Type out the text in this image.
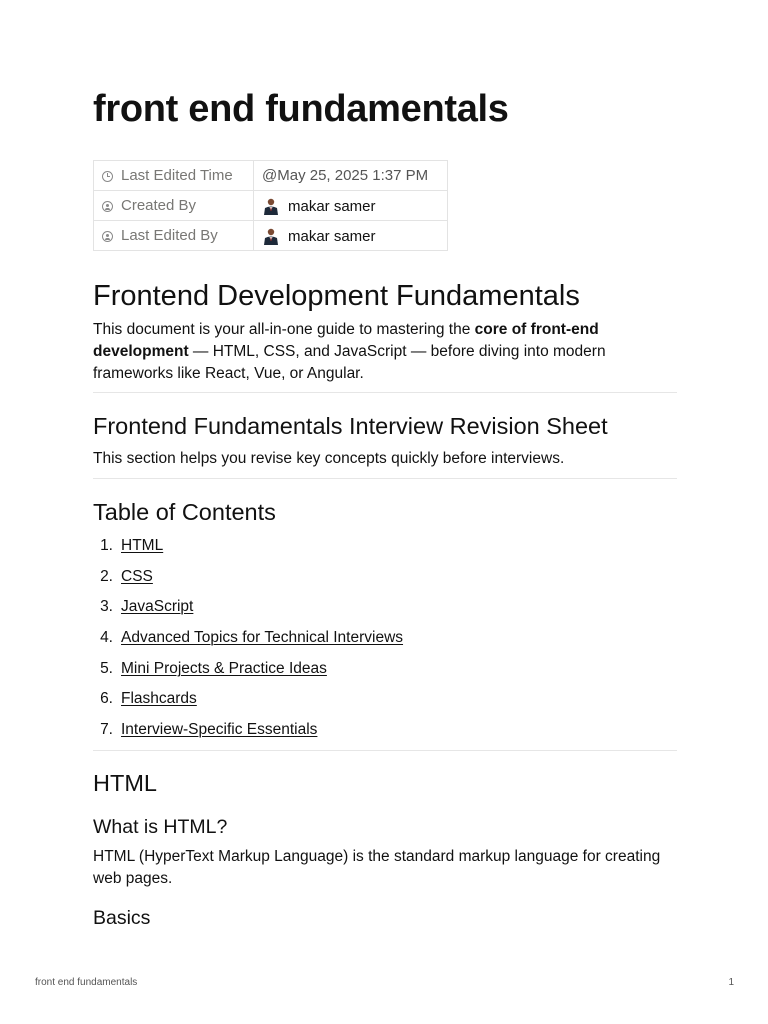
front end fundamentals
Last Edited Time	@May 25, 2025 1:37 PM
Created By	makar samer
Last Edited By	makar samer
Frontend Development Fundamentals

This document is your all-in-one guide to mastering the core of front-end development — HTML, CSS, and JavaScript — before diving into modern frameworks like React, Vue, or Angular.

Frontend Fundamentals Interview Revision Sheet

This section helps you revise key concepts quickly before interviews.

Table of Contents
1. HTML
2. CSS
3. JavaScript
4. Advanced Topics for Technical Interviews
5. Mini Projects & Practice Ideas
6. Flashcards
7. Interview-Specific Essentials
HTML
What is HTML?

HTML (HyperText Markup Language) is the standard markup language for creating web pages.

Basics
front end fundamentals	1
